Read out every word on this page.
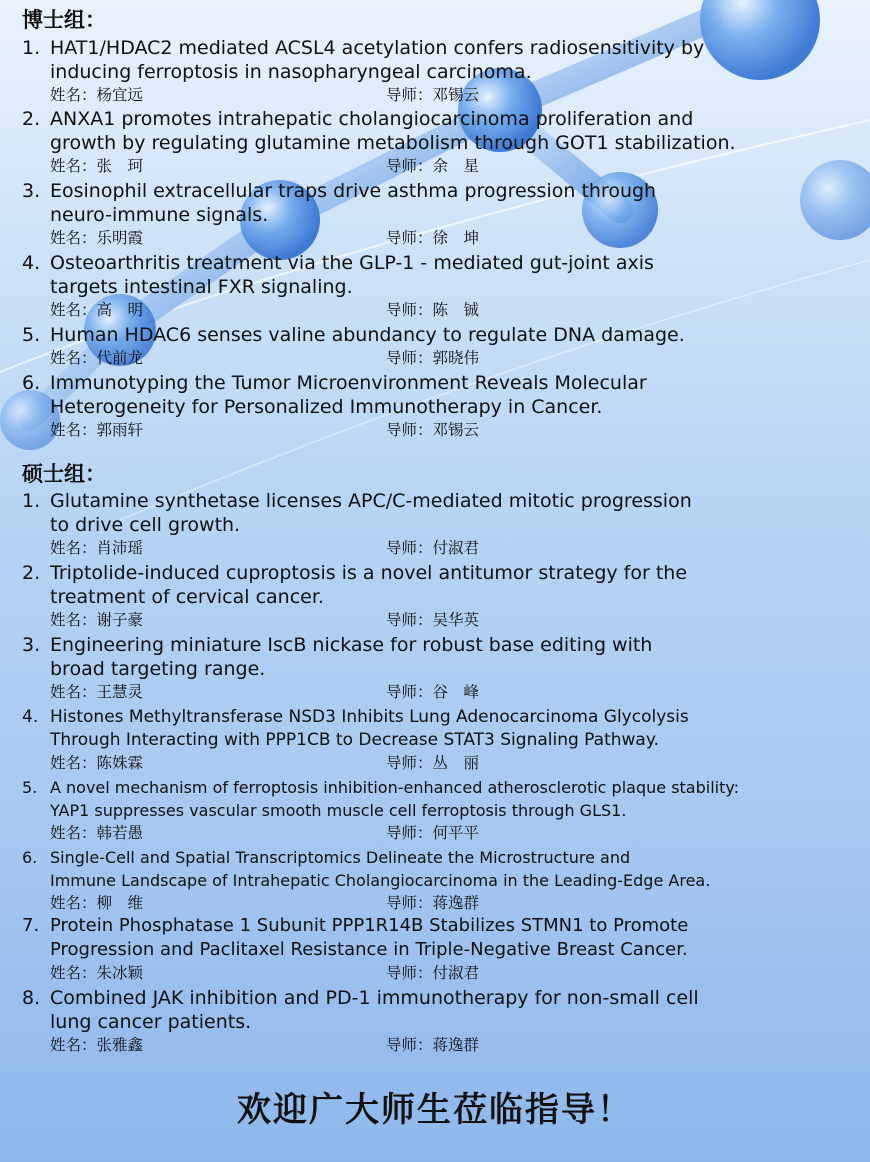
博士组：
1. HAT1/HDAC2 mediated ACSL4 acetylation confers radiosensitivity by
inducing ferroptosis in nasopharyngeal carcinoma.
姓名：杨宜远	导师：邓锡云
2. ANXA1 promotes intrahepatic cholangiocarcinoma proliferation and
growth by regulating glutamine metabolism through GOT1 stabilization.
姓名：张　珂	导师：余　星
3. Eosinophil extracellular traps drive asthma progression through
neuro-immune signals.
姓名：乐明霞	导师：徐　坤
4. Osteoarthritis treatment via the GLP-1 - mediated gut-joint axis
targets intestinal FXR signaling.
姓名：高　明	导师：陈　铖
5. Human HDAC6 senses valine abundancy to regulate DNA damage.
姓名：代前龙	导师：郭晓伟
6. Immunotyping the Tumor Microenvironment Reveals Molecular
Heterogeneity for Personalized Immunotherapy in Cancer.
姓名：郭雨轩	导师：邓锡云
硕士组：
1. Glutamine synthetase licenses APC/C-mediated mitotic progression
to drive cell growth.
姓名：肖沛瑶	导师：付淑君
2. Triptolide-induced cuproptosis is a novel antitumor strategy for the
treatment of cervical cancer.
姓名：谢子豪	导师：吴华英
3. Engineering miniature IscB nickase for robust base editing with
broad targeting range.
姓名：王慧灵	导师：谷　峰
4. Histones Methyltransferase NSD3 Inhibits Lung Adenocarcinoma Glycolysis
Through Interacting with PPP1CB to Decrease STAT3 Signaling Pathway.
姓名：陈姝霖	导师：丛　丽
5. A novel mechanism of ferroptosis inhibition-enhanced atherosclerotic plaque stability:
YAP1 suppresses vascular smooth muscle cell ferroptosis through GLS1.
姓名：韩若愚	导师：何平平
6. Single-Cell and Spatial Transcriptomics Delineate the Microstructure and
Immune Landscape of Intrahepatic Cholangiocarcinoma in the Leading-Edge Area.
姓名：柳　维	导师：蒋逸群
7. Protein Phosphatase 1 Subunit PPP1R14B Stabilizes STMN1 to Promote
Progression and Paclitaxel Resistance in Triple-Negative Breast Cancer.
姓名：朱冰颖	导师：付淑君
8. Combined JAK inhibition and PD-1 immunotherapy for non-small cell
lung cancer patients.
姓名：张雅鑫	导师：蒋逸群
欢迎广大师生莅临指导！
